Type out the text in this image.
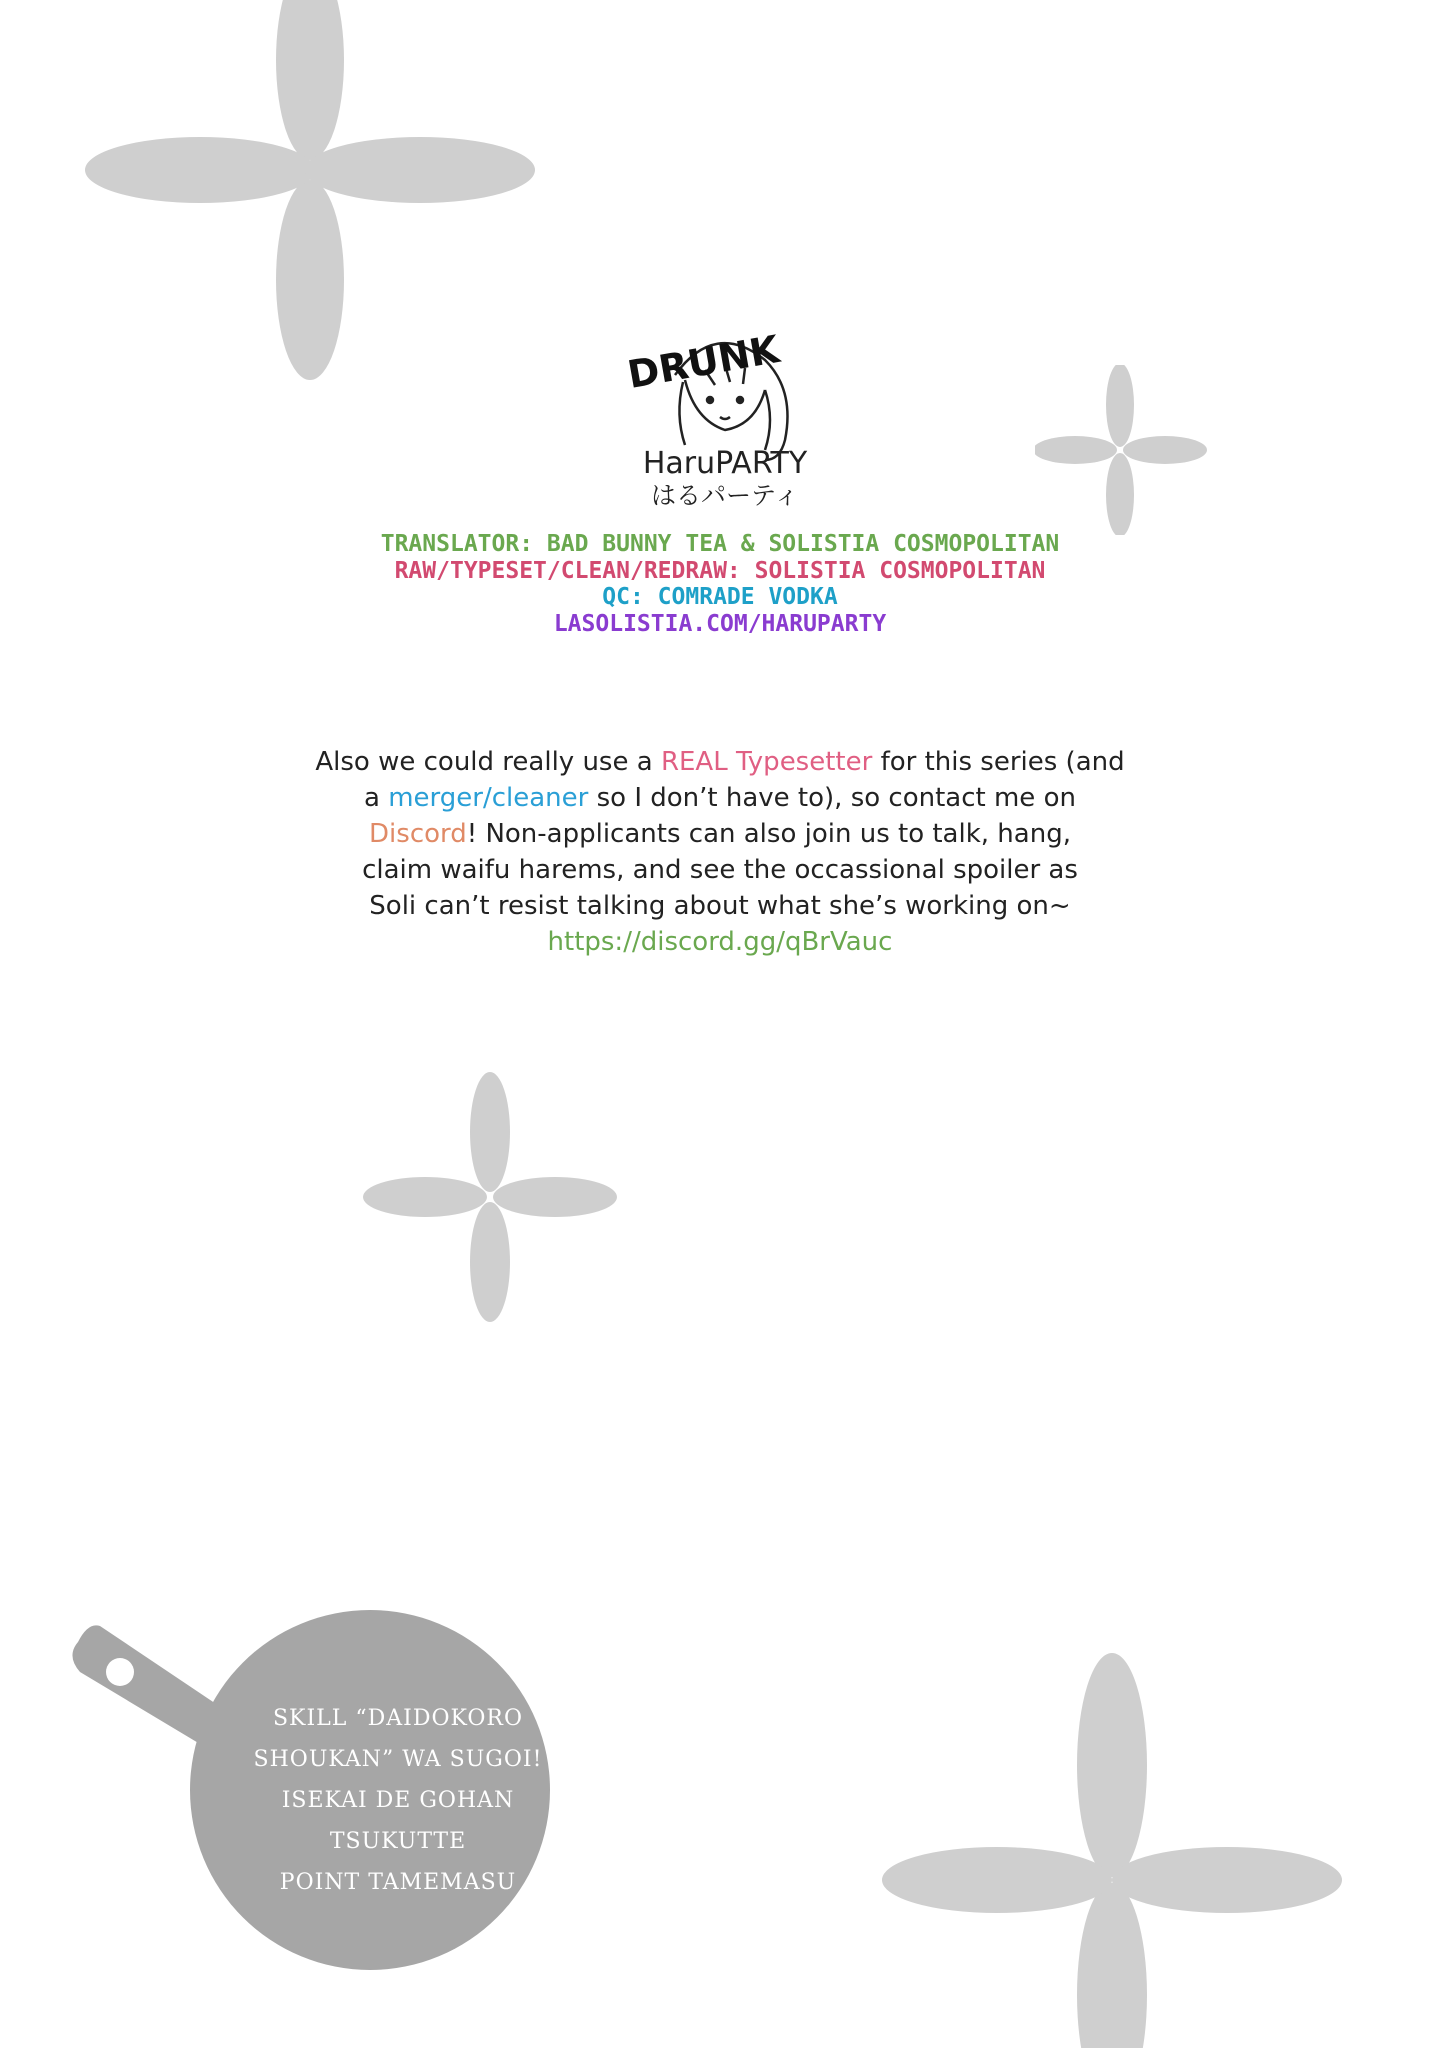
DRUNK
HaruPARTY
はるパーティ
TRANSLATOR: BAD BUNNY TEA & SOLISTIA COSMOPOLITAN
RAW/TYPESET/CLEAN/REDRAW: SOLISTIA COSMOPOLITAN
QC: COMRADE VODKA
LASOLISTIA.COM/HARUPARTY
Also we could really use a REAL Typesetter for this series (and
a merger/cleaner so I don’t have to), so contact me on
Discord! Non-applicants can also join us to talk, hang,
claim waifu harems, and see the occassional spoiler as
Soli can’t resist talking about what she’s working on~
https://discord.gg/qBrVauc
SKILL “DAIDOKORO
SHOUKAN” WA SUGOI!
ISEKAI DE GOHAN
TSUKUTTE
POINT TAMEMASU
